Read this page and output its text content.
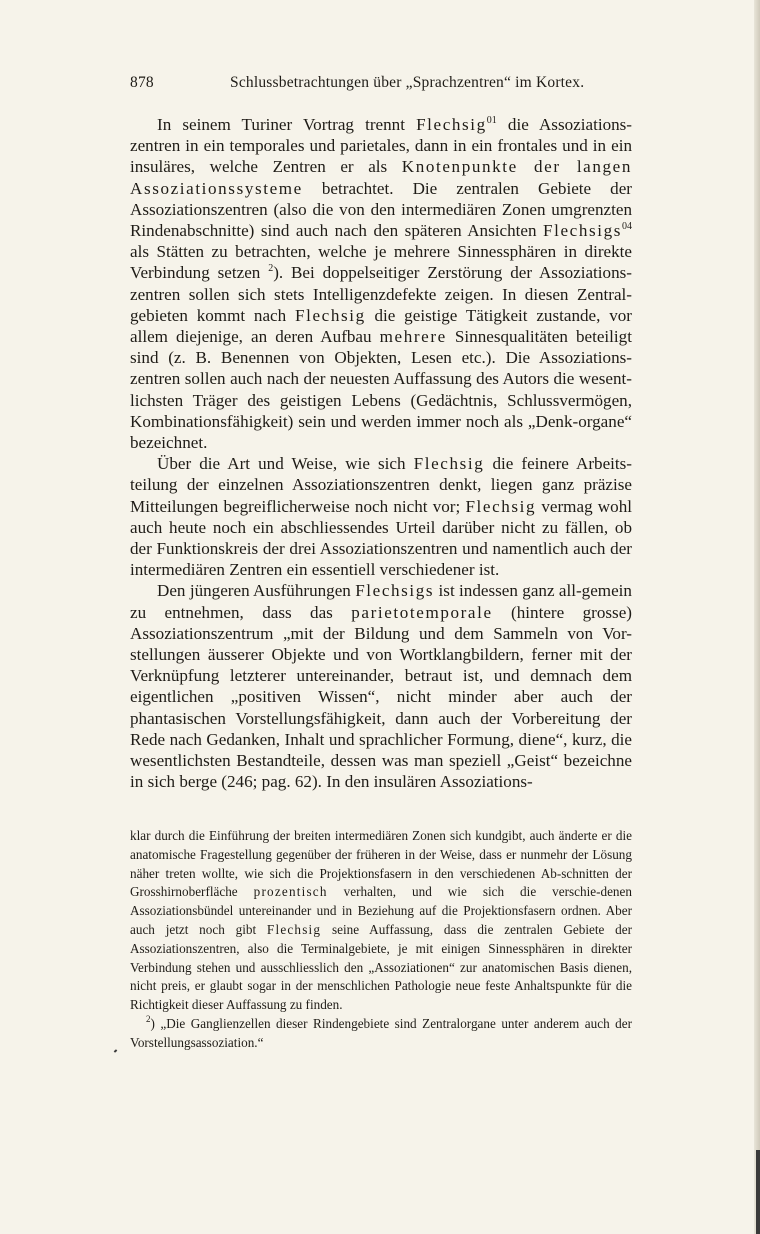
878	Schlussbetrachtungen über „Sprachzentren“ im Kortex.

In seinem Turiner Vortrag trennt Flechsig$^{01}$ die Assoziations-zentren in ein temporales und parietales, dann in ein frontales und in ein insuläres, welche Zentren er als Knotenpunkte der langen Assoziationssysteme betrachtet. Die zentralen Gebiete der Assoziationszentren (also die von den intermediären Zonen umgrenzten Rindenabschnitte) sind auch nach den späteren Ansichten Flechsigs$^{04}$ als Stätten zu betrachten, welche je mehrere Sinnessphären in direkte Verbindung setzen $^2$). Bei doppelseitiger Zerstörung der Assoziations-zentren sollen sich stets Intelligenzdefekte zeigen. In diesen Zentral-gebieten kommt nach Flechsig die geistige Tätigkeit zustande, vor allem diejenige, an deren Aufbau mehrere Sinnesqualitäten beteiligt sind (z. B. Benennen von Objekten, Lesen etc.). Die Assoziations-zentren sollen auch nach der neuesten Auffassung des Autors die wesent-lichsten Träger des geistigen Lebens (Gedächtnis, Schlussvermögen, Kombinationsfähigkeit) sein und werden immer noch als „Denk-organe“ bezeichnet.

Über die Art und Weise, wie sich Flechsig die feinere Arbeits-teilung der einzelnen Assoziationszentren denkt, liegen ganz präzise Mitteilungen begreiflicherweise noch nicht vor; Flechsig vermag wohl auch heute noch ein abschliessendes Urteil darüber nicht zu fällen, ob der Funktionskreis der drei Assoziationszentren und namentlich auch der intermediären Zentren ein essentiell verschiedener ist.

Den jüngeren Ausführungen Flechsigs ist indessen ganz all-gemein zu entnehmen, dass das parietotemporale (hintere grosse) Assoziationszentrum „mit der Bildung und dem Sammeln von Vor-stellungen äusserer Objekte und von Wortklangbildern, ferner mit der Verknüpfung letzterer untereinander, betraut ist, und demnach dem eigentlichen „positiven Wissen“, nicht minder aber auch der phantasischen Vorstellungsfähigkeit, dann auch der Vorbereitung der Rede nach Gedanken, Inhalt und sprachlicher Formung, diene“, kurz, die wesentlichsten Bestandteile, dessen was man speziell „Geist“ bezeichne in sich berge (246; pag. 62). In den insulären Assoziations-

klar durch die Einführung der breiten intermediären Zonen sich kundgibt, auch änderte er die anatomische Fragestellung gegenüber der früheren in der Weise, dass er nunmehr der Lösung näher treten wollte, wie sich die Projektionsfasern in den verschiedenen Ab-schnitten der Grosshirnoberfläche prozentisch verhalten, und wie sich die verschie-denen Assoziationsbündel untereinander und in Beziehung auf die Projektionsfasern ordnen. Aber auch jetzt noch gibt Flechsig seine Auffassung, dass die zentralen Gebiete der Assoziationszentren, also die Terminalgebiete, je mit einigen Sinnessphären in direkter Verbindung stehen und ausschliesslich den „Assoziationen“ zur anatomischen Basis dienen, nicht preis, er glaubt sogar in der menschlichen Pathologie neue feste Anhaltspunkte für die Richtigkeit dieser Auffassung zu finden.

$^2$) „Die Ganglienzellen dieser Rindengebiete sind Zentralorgane unter anderem auch der Vorstellungsassoziation.“
